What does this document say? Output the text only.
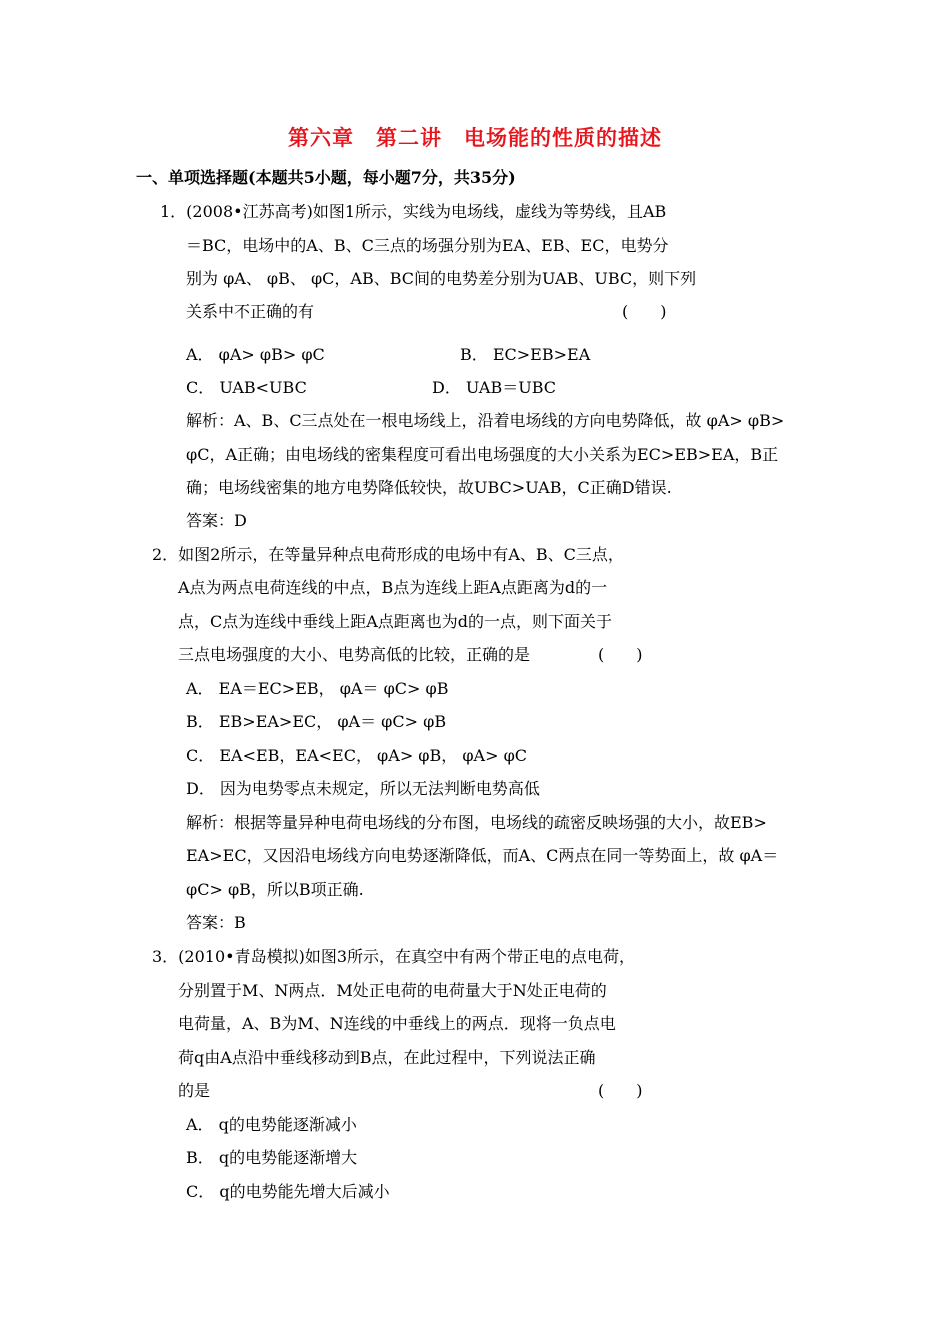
第六章　第二讲　电场能的性质的描述
一、单项选择题(本题共5小题，每小题7分，共35分)
1．(2008•江苏高考)如图1所示，实线为电场线，虚线为等势线，且AB
＝BC，电场中的A、B、C三点的场强分别为EA、EB、EC，电势分
别为 φA、 φB、 φC，AB、BC间的电势差分别为UAB、UBC，则下列
关系中不正确的有	(　　)
A． φA> φB> φC	B． EC>EB>EA
C． UAB<UBC	D． UAB＝UBC
解析：A、B、C三点处在一根电场线上，沿着电场线的方向电势降低，故 φA> φB>
φC，A正确；由电场线的密集程度可看出电场强度的大小关系为EC>EB>EA，B正
确；电场线密集的地方电势降低较快，故UBC>UAB，C正确D错误.
答案：D
2．如图2所示，在等量异种点电荷形成的电场中有A、B、C三点，
A点为两点电荷连线的中点，B点为连线上距A点距离为d的一
点，C点为连线中垂线上距A点距离也为d的一点，则下面关于
三点电场强度的大小、电势高低的比较，正确的是	(　　)
A． EA＝EC>EB， φA＝ φC> φB
B． EB>EA>EC， φA＝ φC> φB
C． EA<EB，EA<EC， φA> φB， φA> φC
D． 因为电势零点未规定，所以无法判断电势高低
解析：根据等量异种电荷电场线的分布图，电场线的疏密反映场强的大小，故EB>
EA>EC，又因沿电场线方向电势逐渐降低，而A、C两点在同一等势面上，故 φA＝
φC> φB，所以B项正确.
答案：B
3．(2010•青岛模拟)如图3所示，在真空中有两个带正电的点电荷，
分别置于M、N两点．M处正电荷的电荷量大于N处正电荷的
电荷量，A、B为M、N连线的中垂线上的两点．现将一负点电
荷q由A点沿中垂线移动到B点，在此过程中，下列说法正确
的是	(　　)
A． q的电势能逐渐减小
B． q的电势能逐渐增大
C． q的电势能先增大后减小
